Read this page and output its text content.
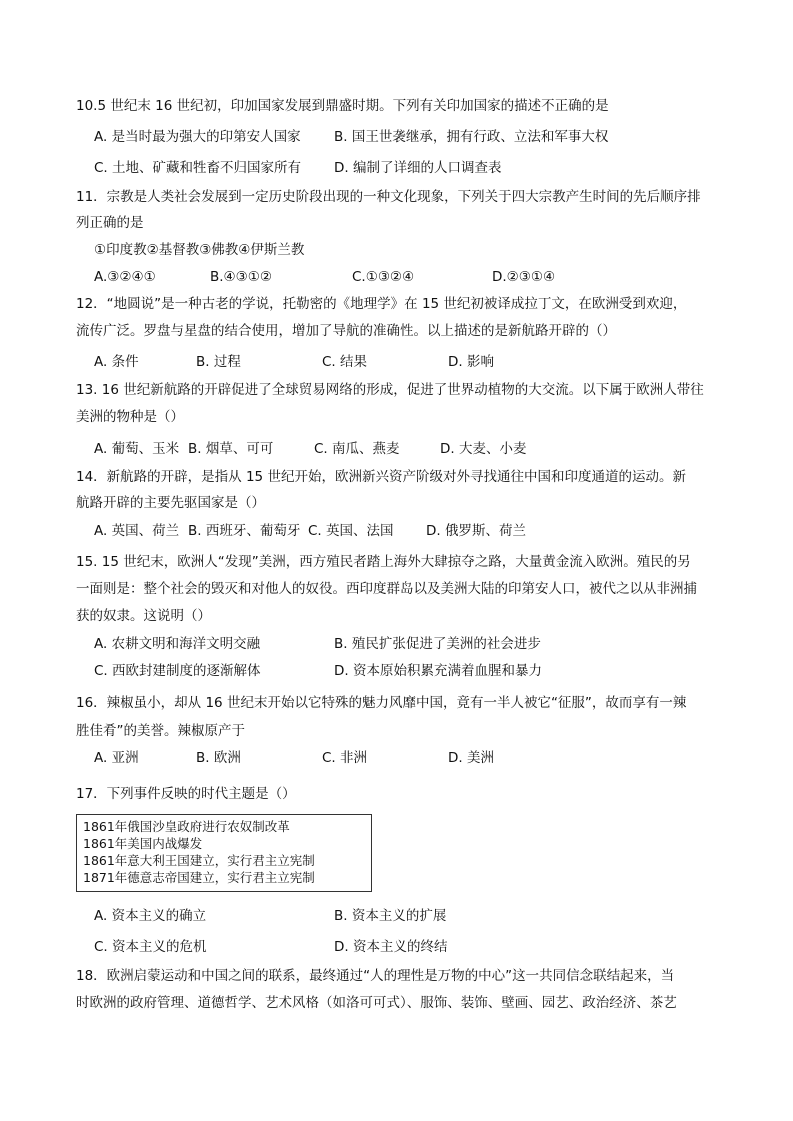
10.5 世纪末 16 世纪初，印加国家发展到鼎盛时期。下列有关印加国家的描述不正确的是
A. 是当时最为强大的印第安人国家 B. 国王世袭继承，拥有行政、立法和军事大权
C. 土地、矿藏和牲畜不归国家所有 D. 编制了详细的人口调查表
11．宗教是人类社会发展到一定历史阶段出现的一种文化现象，下列关于四大宗教产生时间的先后顺序排
列正确的是
①印度教②基督教③佛教④伊斯兰教
A.③②④①	B.④③①②	C.①③②④	D.②③①④
12．“地圆说”是一种古老的学说，托勒密的《地理学》在 15 世纪初被译成拉丁文，在欧洲受到欢迎，
流传广泛。罗盘与星盘的结合使用，增加了导航的准确性。以上描述的是新航路开辟的（）
A. 条件	B. 过程	C. 结果	D. 影响
13. 16 世纪新航路的开辟促进了全球贸易网络的形成，促进了世界动植物的大交流。以下属于欧洲人带往
美洲的物种是（）
A. 葡萄、玉米 B. 烟草、可可	C. 南瓜、燕麦	D. 大麦、小麦
14．新航路的开辟，是指从 15 世纪开始，欧洲新兴资产阶级对外寻找通往中国和印度通道的运动。新
航路开辟的主要先驱国家是（）
A. 英国、荷兰 B. 西班牙、葡萄牙 C. 英国、法国 D. 俄罗斯、荷兰
15. 15 世纪末，欧洲人“发现”美洲，西方殖民者踏上海外大肆掠夺之路，大量黄金流入欧洲。殖民的另
一面则是：整个社会的毁灭和对他人的奴役。西印度群岛以及美洲大陆的印第安人口，被代之以从非洲捕
获的奴隶。这说明（）
A. 农耕文明和海洋文明交融	B. 殖民扩张促进了美洲的社会进步
C. 西欧封建制度的逐渐解体	D. 资本原始积累充满着血腥和暴力
16．辣椒虽小，却从 16 世纪末开始以它特殊的魅力风靡中国，竟有一半人被它“征服”，故而享有一辣
胜佳肴”的美誉。辣椒原产于
A. 亚洲	B. 欧洲	C. 非洲	D. 美洲
17．下列事件反映的时代主题是（）
1861年俄国沙皇政府进行农奴制改革
1861年美国内战爆发
1861年意大利王国建立，实行君主立宪制
1871年德意志帝国建立，实行君主立宪制
A. 资本主义的确立	B. 资本主义的扩展
C. 资本主义的危机	D. 资本主义的终结
18．欧洲启蒙运动和中国之间的联系，最终通过“人的理性是万物的中心”这一共同信念联结起来，当
时欧洲的政府管理、道德哲学、艺术风格（如洛可可式）、服饰、装饰、壁画、园艺、政治经济、茶艺
